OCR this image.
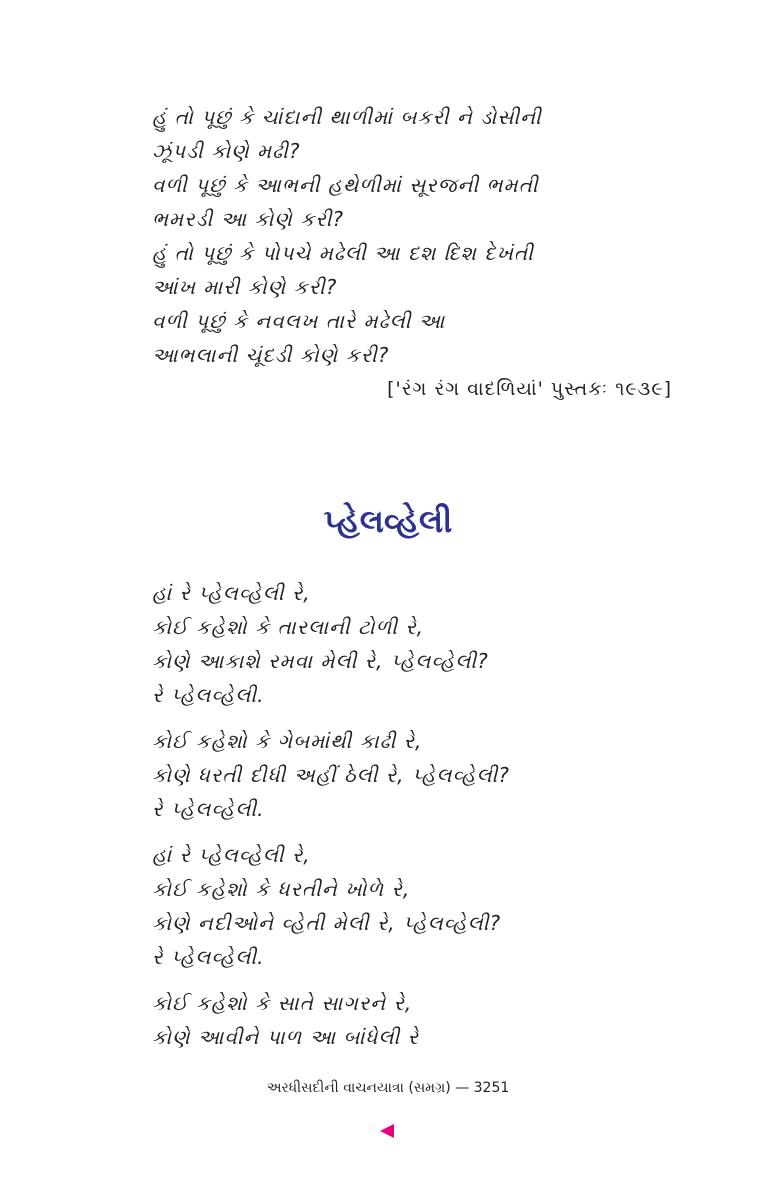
હું તો પૂછું કે ચાંદાની થાળીમાં બકરી ને ડોસીની
ઝૂંપડી કોણે મઢી?
વળી પૂછું કે આભની હથેળીમાં સૂરજની ભમતી
ભમરડી આ કોણે કરી?
હું તો પૂછું કે પોપચે મઢેલી આ દશ દિશ દેખંતી
આંખ મારી કોણે કરી?
વળી પૂછું કે નવલખ તારે મઢેલી આ
આભલાની ચૂંદડી કોણે કરી?
['રંગ રંગ વાદળિયાં' પુસ્તકઃ ૧૯૩૯]
પ્હેલવ્હેલી
હાં રે પ્હેલવ્હેલી રે,
કોઈ કહેશો કે તારલાની ટોળી રે,
કોણે આકાશે રમવા મેલી રે, પ્હેલવ્હેલી?
રે પ્હેલવ્હેલી.
કોઈ કહેશો કે ગેબમાંથી કાઢી રે,
કોણે ધરતી દીધી અહીં ઠેલી રે, પ્હેલવ્હેલી?
રે પ્હેલવ્હેલી.
હાં રે પ્હેલવ્હેલી રે,
કોઈ કહેશો કે ધરતીને ખોળે રે,
કોણે નદીઓને વ્હેતી મેલી રે, પ્હેલવ્હેલી?
રે પ્હેલવ્હેલી.
કોઈ કહેશો કે સાતે સાગરને રે,
કોણે આવીને પાળ આ બાંધેલી રે
અરધીસદીની વાચનયાત્રા (સમગ્ર) — 3251
